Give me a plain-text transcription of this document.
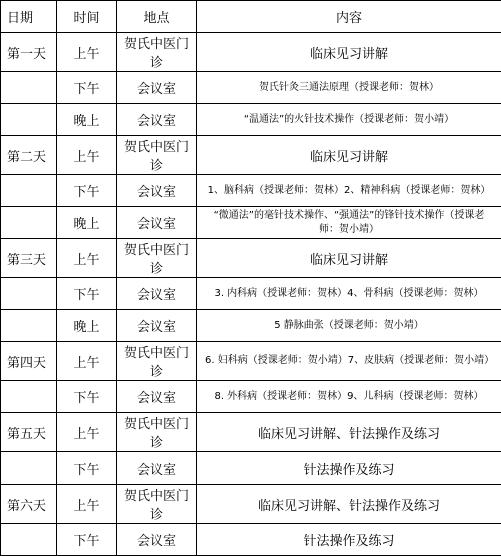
日期	时间	地点	内容
第一天	上午	贺氏中医门诊	临床见习讲解
	下午	会议室	贺氏针灸三通法原理（授课老师：贺林）
	晚上	会议室	“温通法”的火针技术操作（授课老师：贺小靖）
第二天	上午	贺氏中医门诊	临床见习讲解
	下午	会议室	1、脑科病（授课老师：贺林）2、精神科病（授课老师：贺林）
	晚上	会议室	“微通法”的毫针技术操作、“强通法”的锋针技术操作（授课老师：贺小靖）
第三天	上午	贺氏中医门诊	临床见习讲解
	下午	会议室	3. 内科病（授课老师：贺林）4、骨科病（授课老师：贺林）
	晚上	会议室	5 静脉曲张（授课老师：贺小靖）
第四天	上午	贺氏中医门诊	6. 妇科病（授课老师：贺小靖）7、皮肤病（授课老师：贺小靖）
	下午	会议室	8. 外科病（授课老师：贺林）9、儿科病（授课老师：贺林）
第五天	上午	贺氏中医门诊	临床见习讲解、针法操作及练习
	下午	会议室	针法操作及练习
第六天	上午	贺氏中医门诊	临床见习讲解、针法操作及练习
	下午	会议室	针法操作及练习
